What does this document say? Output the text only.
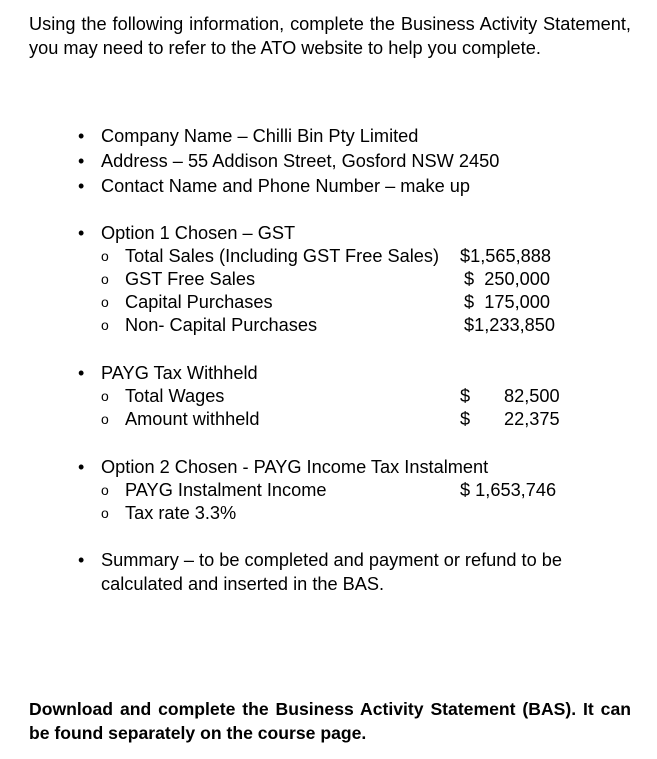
Using the following information, complete the Business Activity Statement, you may need to refer to the ATO website to help you complete.
• Company Name – Chilli Bin Pty Limited
• Address – 55 Addison Street, Gosford NSW 2450
• Contact Name and Phone Number – make up
• Option 1 Chosen – GST
o Total Sales (Including GST Free Sales) $1,565,888
o GST Free Sales	$  250,000
o Capital Purchases	$  175,000
o Non- Capital Purchases	$1,233,850
• PAYG Tax Withheld
o Total Wages	$ 82,500
o Amount withheld	$ 22,375
• Option 2 Chosen - PAYG Income Tax Instalment
o PAYG Instalment Income	$ 1,653,746
o Tax rate 3.3%
• Summary – to be completed and payment or refund to be calculated and inserted in the BAS.
Download and complete the Business Activity Statement (BAS). It can be found separately on the course page.
